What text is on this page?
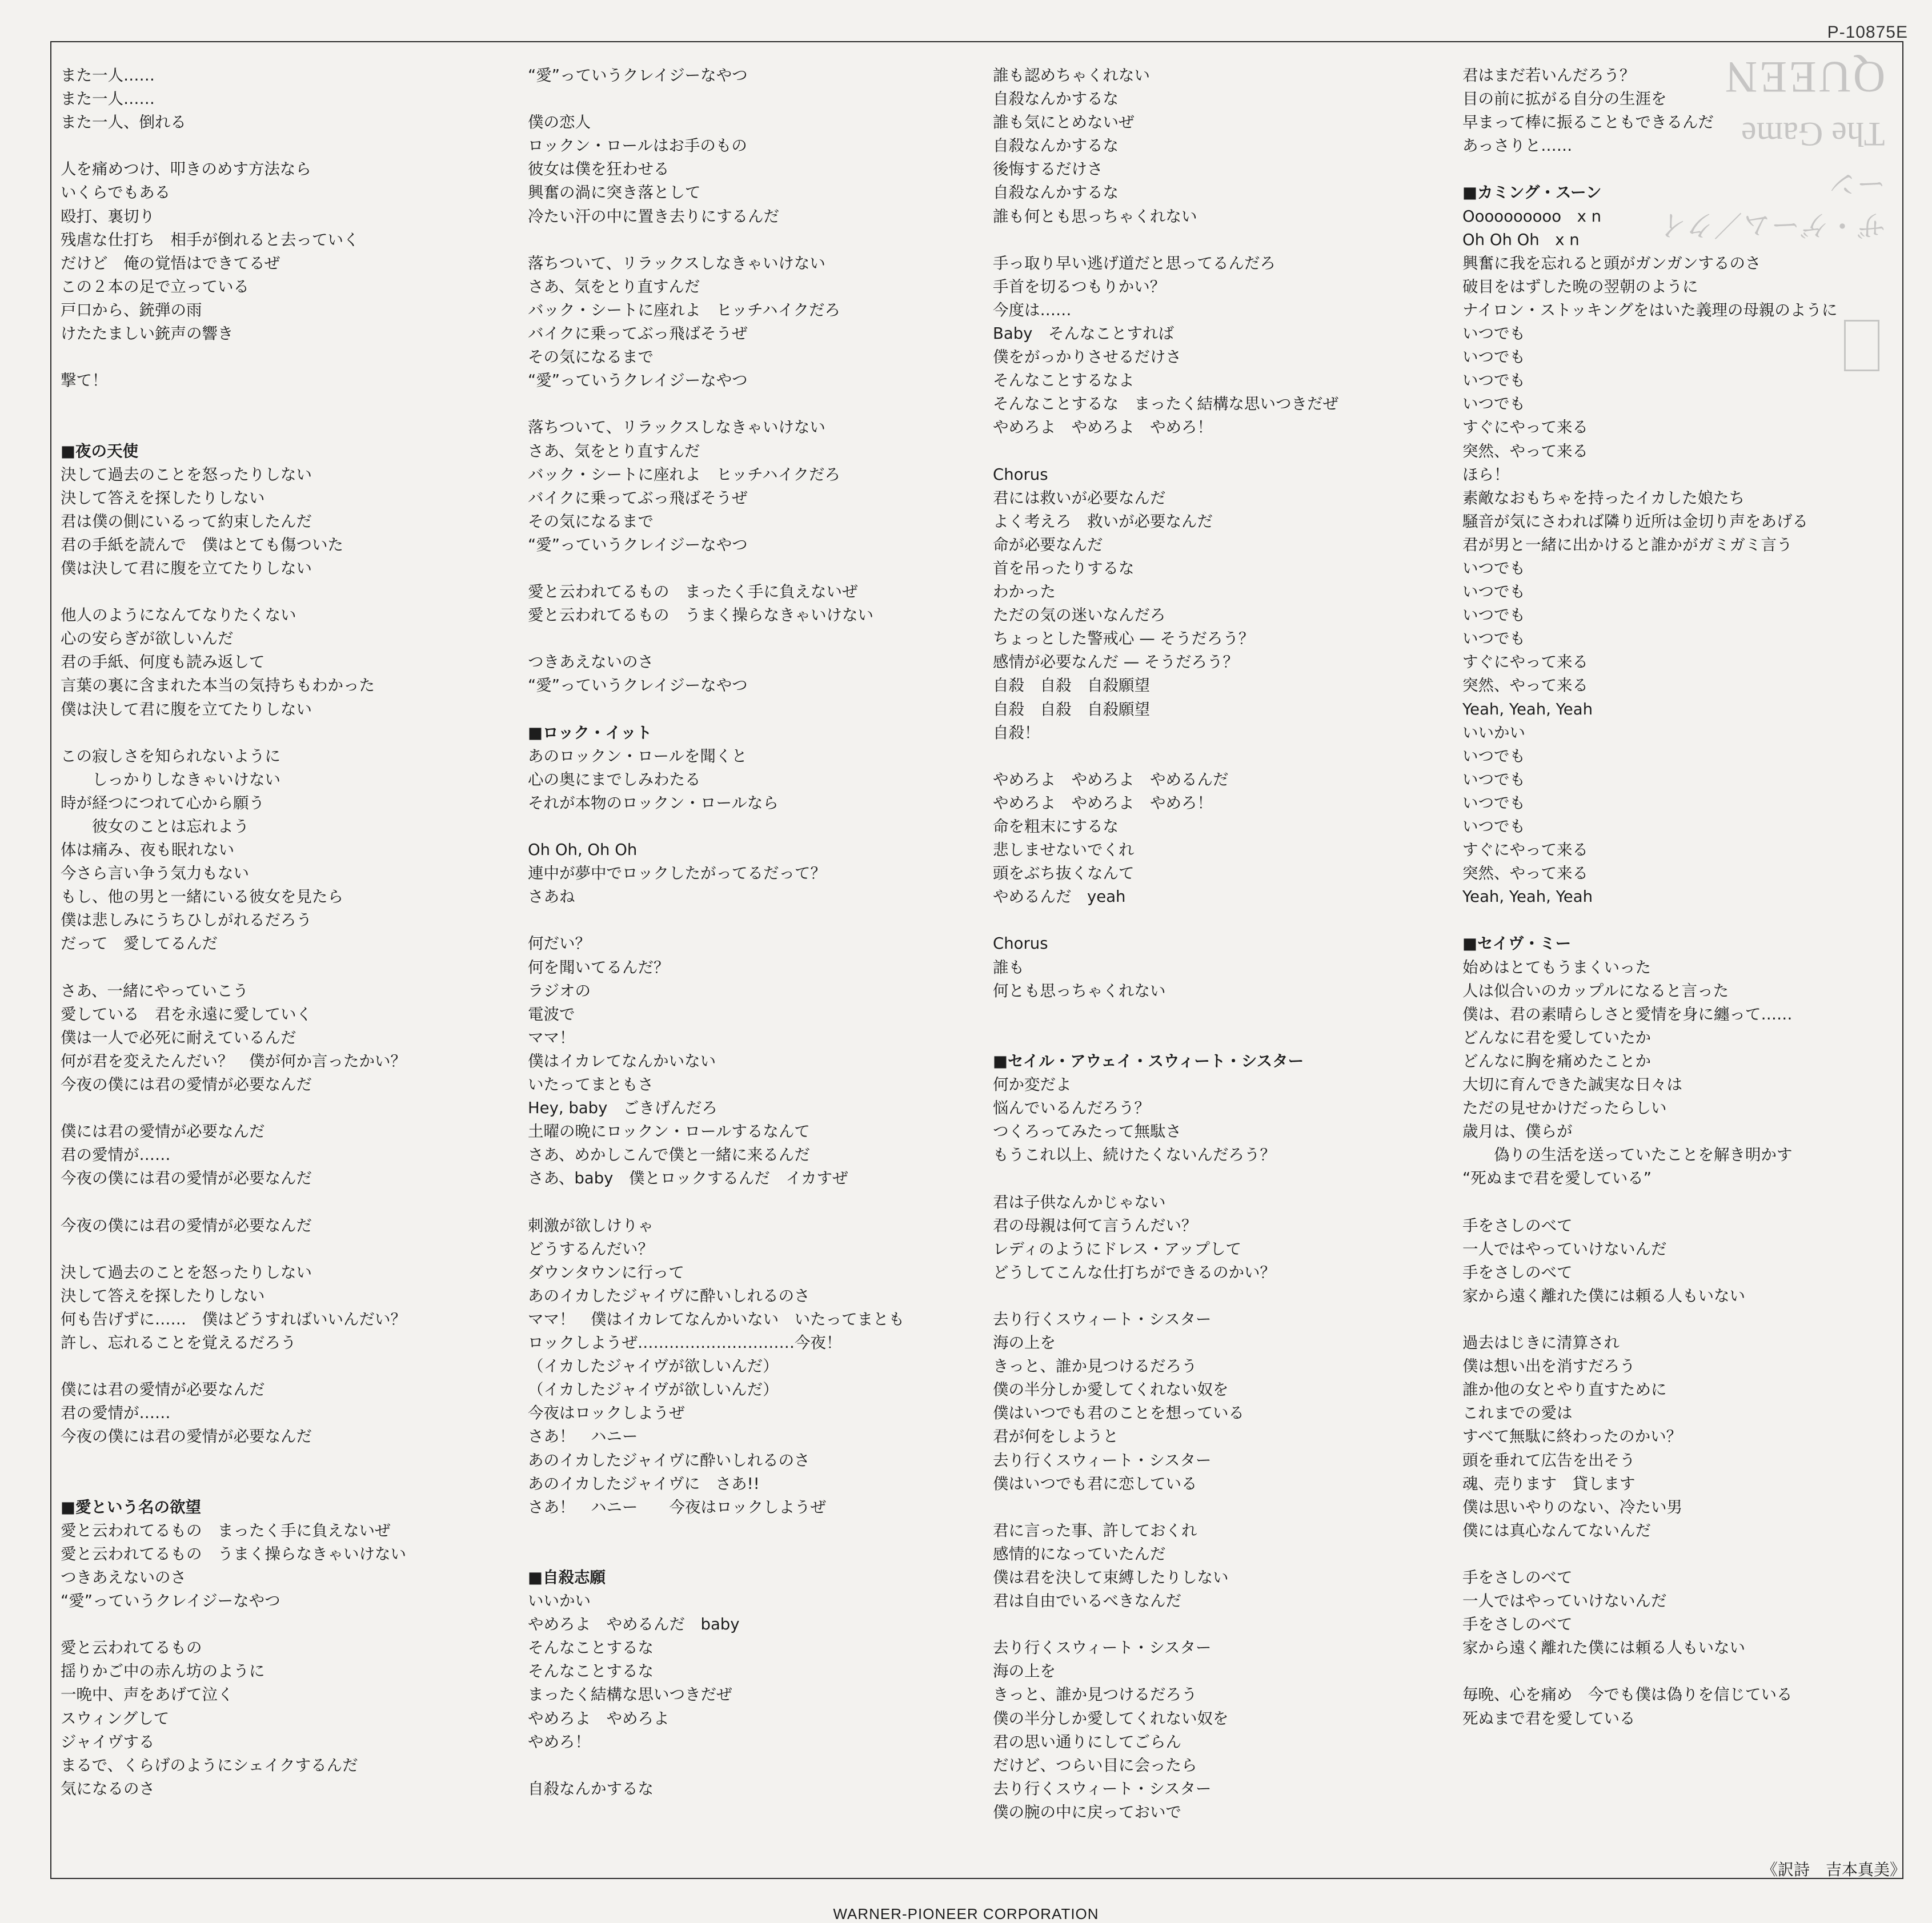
P-10875E
QUEEN
The Game
ザ・ゲーム／クイーン
また一人……
また一人……
また一人、倒れる
人を痛めつけ、叩きのめす方法なら
いくらでもある
殴打、裏切り
残虐な仕打ち　相手が倒れると去っていく
だけど　俺の覚悟はできてるぜ
この２本の足で立っている
戸口から、銃弾の雨
けたたましい銃声の響き
撃て！
■夜の天使
決して過去のことを怒ったりしない
決して答えを探したりしない
君は僕の側にいるって約束したんだ
君の手紙を読んで　僕はとても傷ついた
僕は決して君に腹を立てたりしない
他人のようになんてなりたくない
心の安らぎが欲しいんだ
君の手紙、何度も読み返して
言葉の裏に含まれた本当の気持ちもわかった
僕は決して君に腹を立てたりしない
この寂しさを知られないように
　　しっかりしなきゃいけない
時が経つにつれて心から願う
　　彼女のことは忘れよう
体は痛み、夜も眠れない
今さら言い争う気力もない
もし、他の男と一緒にいる彼女を見たら
僕は悲しみにうちひしがれるだろう
だって　愛してるんだ
さあ、一緒にやっていこう
愛している　君を永遠に愛していく
僕は一人で必死に耐えているんだ
何が君を変えたんだい？　僕が何か言ったかい？
今夜の僕には君の愛情が必要なんだ
僕には君の愛情が必要なんだ
君の愛情が……
今夜の僕には君の愛情が必要なんだ
今夜の僕には君の愛情が必要なんだ
決して過去のことを怒ったりしない
決して答えを探したりしない
何も告げずに……　僕はどうすればいいんだい？
許し、忘れることを覚えるだろう
僕には君の愛情が必要なんだ
君の愛情が……
今夜の僕には君の愛情が必要なんだ
■愛という名の欲望
愛と云われてるもの　まったく手に負えないぜ
愛と云われてるもの　うまく操らなきゃいけない
つきあえないのさ
“愛”っていうクレイジーなやつ
愛と云われてるもの
揺りかご中の赤ん坊のように
一晩中、声をあげて泣く
スウィングして
ジャイヴする
まるで、くらげのようにシェイクするんだ
気になるのさ
“愛”っていうクレイジーなやつ
僕の恋人
ロックン・ロールはお手のもの
彼女は僕を狂わせる
興奮の渦に突き落として
冷たい汗の中に置き去りにするんだ
落ちついて、リラックスしなきゃいけない
さあ、気をとり直すんだ
バック・シートに座れよ　ヒッチハイクだろ
バイクに乗ってぶっ飛ばそうぜ
その気になるまで
“愛”っていうクレイジーなやつ
落ちついて、リラックスしなきゃいけない
さあ、気をとり直すんだ
バック・シートに座れよ　ヒッチハイクだろ
バイクに乗ってぶっ飛ばそうぜ
その気になるまで
“愛”っていうクレイジーなやつ
愛と云われてるもの　まったく手に負えないぜ
愛と云われてるもの　うまく操らなきゃいけない
つきあえないのさ
“愛”っていうクレイジーなやつ
■ロック・イット
あのロックン・ロールを聞くと
心の奥にまでしみわたる
それが本物のロックン・ロールなら
Oh Oh, Oh Oh
連中が夢中でロックしたがってるだって？
さあね
何だい？
何を聞いてるんだ？
ラジオの
電波で
ママ！
僕はイカレてなんかいない
いたってまともさ
Hey, baby　ごきげんだろ
土曜の晩にロックン・ロールするなんて
さあ、めかしこんで僕と一緒に来るんだ
さあ、baby　僕とロックするんだ　イカすぜ
刺激が欲しけりゃ
どうするんだい？
ダウンタウンに行って
あのイカしたジャイヴに酔いしれるのさ
ママ！　僕はイカレてなんかいない　いたってまとも
ロックしようぜ…………………………今夜！
（イカしたジャイヴが欲しいんだ）
（イカしたジャイヴが欲しいんだ）
今夜はロックしようぜ
さあ！　ハニー
あのイカしたジャイヴに酔いしれるのさ
あのイカしたジャイヴに　さあ!!
さあ！　ハニー　　今夜はロックしようぜ
■自殺志願
いいかい
やめろよ　やめるんだ　baby
そんなことするな
そんなことするな
まったく結構な思いつきだぜ
やめろよ　やめろよ
やめろ！
自殺なんかするな
誰も認めちゃくれない
自殺なんかするな
誰も気にとめないぜ
自殺なんかするな
後悔するだけさ
自殺なんかするな
誰も何とも思っちゃくれない
手っ取り早い逃げ道だと思ってるんだろ
手首を切るつもりかい？
今度は……
Baby　そんなことすれば
僕をがっかりさせるだけさ
そんなことするなよ
そんなことするな　まったく結構な思いつきだぜ
やめろよ　やめろよ　やめろ！
Chorus
君には救いが必要なんだ
よく考えろ　救いが必要なんだ
命が必要なんだ
首を吊ったりするな
わかった
ただの気の迷いなんだろ
ちょっとした警戒心 — そうだろう？
感情が必要なんだ — そうだろう？
自殺　自殺　自殺願望
自殺　自殺　自殺願望
自殺！
やめろよ　やめろよ　やめるんだ
やめろよ　やめろよ　やめろ！
命を粗末にするな
悲しませないでくれ
頭をぶち抜くなんて
やめるんだ　yeah
Chorus
誰も
何とも思っちゃくれない
■セイル・アウェイ・スウィート・シスター
何か変だよ
悩んでいるんだろう？
つくろってみたって無駄さ
もうこれ以上、続けたくないんだろう？
君は子供なんかじゃない
君の母親は何て言うんだい？
レディのようにドレス・アップして
どうしてこんな仕打ちができるのかい？
去り行くスウィート・シスター
海の上を
きっと、誰か見つけるだろう
僕の半分しか愛してくれない奴を
僕はいつでも君のことを想っている
君が何をしようと
去り行くスウィート・シスター
僕はいつでも君に恋している
君に言った事、許しておくれ
感情的になっていたんだ
僕は君を決して束縛したりしない
君は自由でいるべきなんだ
去り行くスウィート・シスター
海の上を
きっと、誰か見つけるだろう
僕の半分しか愛してくれない奴を
君の思い通りにしてごらん
だけど、つらい目に会ったら
去り行くスウィート・シスター
僕の腕の中に戻っておいで
君はまだ若いんだろう？
目の前に拡がる自分の生涯を
早まって棒に振ることもできるんだ
あっさりと……
■カミング・スーン
Oooooooooo　x n
Oh Oh Oh　x n
興奮に我を忘れると頭がガンガンするのさ
破目をはずした晩の翌朝のように
ナイロン・ストッキングをはいた義理の母親のように
いつでも
いつでも
いつでも
いつでも
すぐにやって来る
突然、やって来る
ほら！
素敵なおもちゃを持ったイカした娘たち
騒音が気にさわれば隣り近所は金切り声をあげる
君が男と一緒に出かけると誰かがガミガミ言う
いつでも
いつでも
いつでも
いつでも
すぐにやって来る
突然、やって来る
Yeah, Yeah, Yeah
いいかい
いつでも
いつでも
いつでも
いつでも
すぐにやって来る
突然、やって来る
Yeah, Yeah, Yeah
■セイヴ・ミー
始めはとてもうまくいった
人は似合いのカップルになると言った
僕は、君の素晴らしさと愛情を身に纏って……
どんなに君を愛していたか
どんなに胸を痛めたことか
大切に育んできた誠実な日々は
ただの見せかけだったらしい
歳月は、僕らが
　　偽りの生活を送っていたことを解き明かす
“死ぬまで君を愛している”
手をさしのべて
一人ではやっていけないんだ
手をさしのべて
家から遠く離れた僕には頼る人もいない
過去はじきに清算され
僕は想い出を消すだろう
誰か他の女とやり直すために
これまでの愛は
すべて無駄に終わったのかい？
頭を垂れて広告を出そう
魂、売ります　貸します
僕は思いやりのない、冷たい男
僕には真心なんてないんだ
手をさしのべて
一人ではやっていけないんだ
手をさしのべて
家から遠く離れた僕には頼る人もいない
毎晩、心を痛め　今でも僕は偽りを信じている
死ぬまで君を愛している
《訳詩　吉本真美》
WARNER-PIONEER CORPORATION
